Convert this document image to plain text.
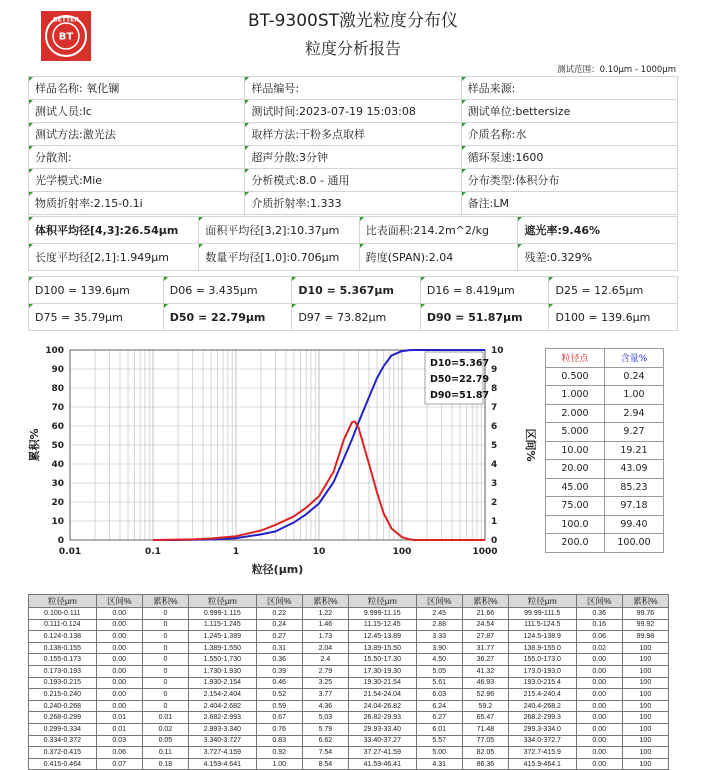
BETTER
BT
BT-9300ST激光粒度分布仪
粒度分析报告
测试范围：0.10μm - 1000μm
样品名称: 氧化镧	样品编号:	样品来源:
测试人员:lc	测试时间:2023-07-19 15:03:08	测试单位:bettersize
测试方法:激光法	取样方法:干粉多点取样	介质名称:水
分散剂:	超声分散:3分钟	循环泵速:1600
光学模式:Mie	分析模式:8.0 - 通用	分布类型:体积分布
物质折射率:2.15-0.1i	介质折射率:1.333	备注:LM
体积平均径[4,3]:26.54μm	面积平均径[3,2]:10.37μm	比表面积:214.2m^2/kg	遮光率:9.46%
长度平均径[2,1]:1.949μm	数量平均径[1,0]:0.706μm	跨度(SPAN):2.04	残差:0.329%
D100 = 139.6μm	D06 = 3.435μm	D10 = 5.367μm	D16 = 8.419μm	D25 = 12.65μm
D75 = 35.79μm	D50 = 22.79μm	D97 = 73.82μm	D90 = 51.87μm	D100 = 139.6μm
0
10
20
30
40
50
60
70
80
90
100
0
1
2
3
4
5
6
7
8
9
10
0.01	0.1	1	10	100	1000
粒径(μm)
累积%	区间%
D10=5.367
D50=22.79
D90=51.87
粒径点	含量%
0.500	0.24
1.000	1.00
2.000	2.94
5.000	9.27
10.00	19.21
20.00	43.09
45.00	85.23
75.00	97.18
100.0	99.40
200.0	100.00
粒径μm	区间%	累积%	粒径μm	区间%	累积%	粒径μm	区间%	累积%	粒径μm	区间%	累积%
0.100-0.111	0.00	0	0.999-1.115	0.22	1.22	9.999-11.15	2.45	21.66	99.99-111.5	0.36	99.76
0.111-0.124	0.00	0	1.115-1.245	0.24	1.46	11.15-12.45	2.88	24.54	111.5-124.5	0.16	99.92
0.124-0.138	0.00	0	1.245-1.389	0.27	1.73	12.45-13.89	3.33	27.87	124.5-138.9	0.06	99.98
0.138-0.155	0.00	0	1.389-1.550	0.31	2.04	13.89-15.50	3.90	31.77	138.9-155.0	0.02	100
0.155-0.173	0.00	0	1.550-1.730	0.36	2.4	15.50-17.30	4.50	36.27	155.0-173.0	0.00	100
0.173-0.193	0.00	0	1.730-1.930	0.39	2.79	17.30-19.30	5.05	41.32	173.0-193.0	0.00	100
0.193-0.215	0.00	0	1.930-2.154	0.46	3.25	19.30-21.54	5.61	46.93	193.0-215.4	0.00	100
0.215-0.240	0.00	0	2.154-2.404	0.52	3.77	21.54-24.04	6.03	52.96	215.4-240.4	0.00	100
0.240-0.268	0.00	0	2.404-2.682	0.59	4.36	24.04-26.82	6.24	59.2	240.4-268.2	0.00	100
0.268-0.299	0.01	0.01	2.682-2.993	0.67	5.03	26.82-29.93	6.27	65.47	268.2-299.3	0.00	100
0.299-0.334	0.01	0.02	2.993-3.340	0.76	5.79	29.93-33.40	6.01	71.48	299.3-334.0	0.00	100
0.334-0.372	0.03	0.05	3.340-3.727	0.83	6.62	33.40-37.27	5.57	77.05	334.0-372.7	0.00	100
0.372-0.415	0.06	0.11	3.727-4.159	0.92	7.54	37.27-41.59	5.00	82.05	372.7-415.9	0.00	100
0.415-0.464	0.07	0.18	4.159-4.641	1.00	8.54	41.59-46.41	4.31	86.36	415.9-464.1	0.00	100
